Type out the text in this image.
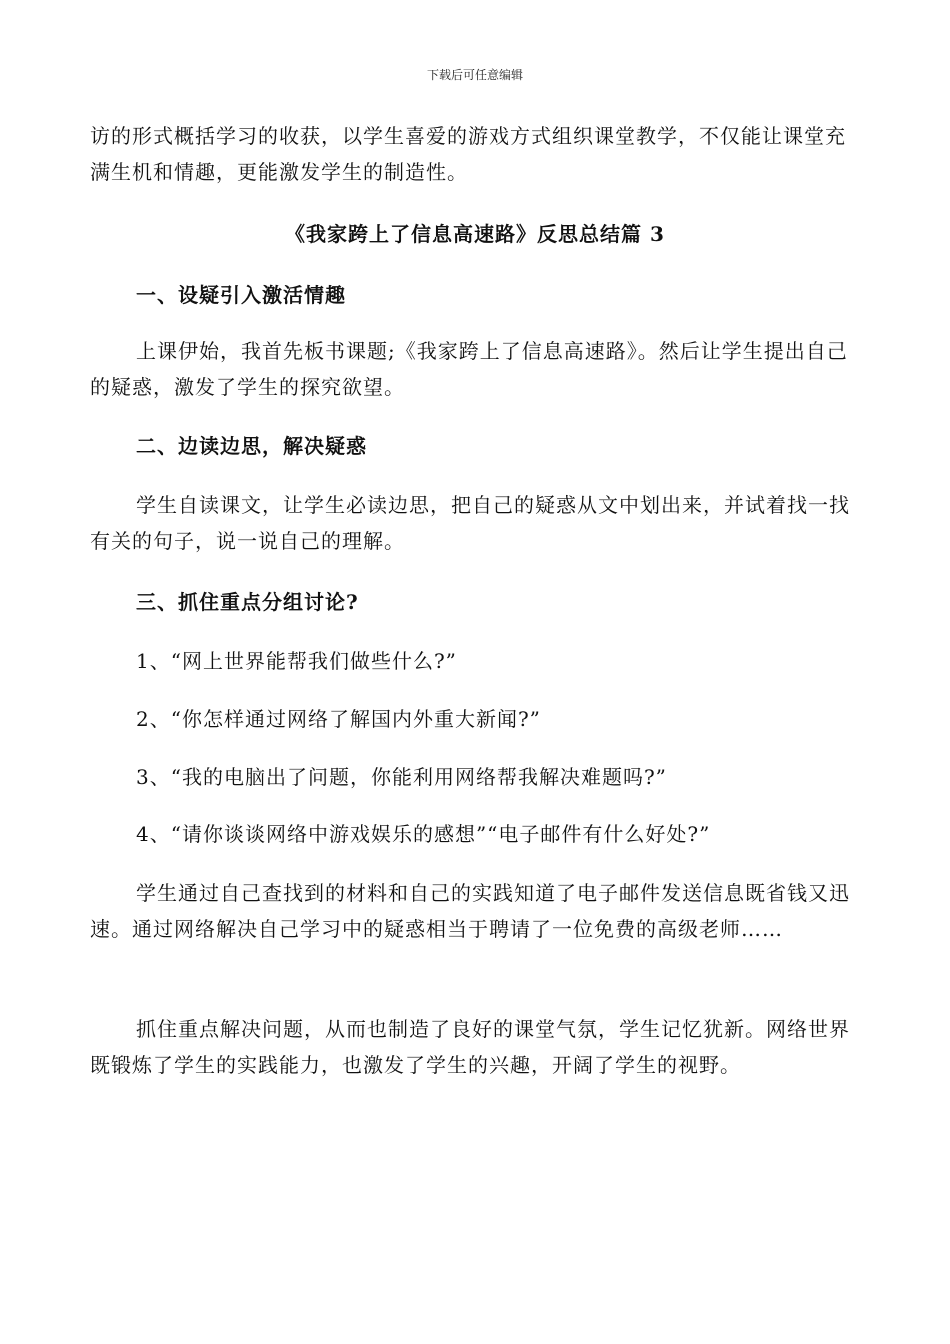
下载后可任意编辑

访的形式概括学习的收获，以学生喜爱的游戏方式组织课堂教学，不仅能让课堂充满生机和情趣，更能激发学生的制造性。

《我家跨上了信息高速路》反思总结篇 3

一、设疑引入激活情趣

上课伊始，我首先板书课题;《我家跨上了信息高速路》。然后让学生提出自己的疑惑，激发了学生的探究欲望。

二、边读边思，解决疑惑

学生自读课文，让学生必读边思，把自己的疑惑从文中划出来，并试着找一找有关的句子，说一说自己的理解。

三、抓住重点分组讨论?

1、“网上世界能帮我们做些什么?”

2、“你怎样通过网络了解国内外重大新闻?”

3、“我的电脑出了问题，你能利用网络帮我解决难题吗?”

4、“请你谈谈网络中游戏娱乐的感想”“电子邮件有什么好处?”

学生通过自己查找到的材料和自己的实践知道了电子邮件发送信息既省钱又迅速。通过网络解决自己学习中的疑惑相当于聘请了一位免费的高级老师……

抓住重点解决问题，从而也制造了良好的课堂气氛，学生记忆犹新。网络世界既锻炼了学生的实践能力，也激发了学生的兴趣，开阔了学生的视野。
